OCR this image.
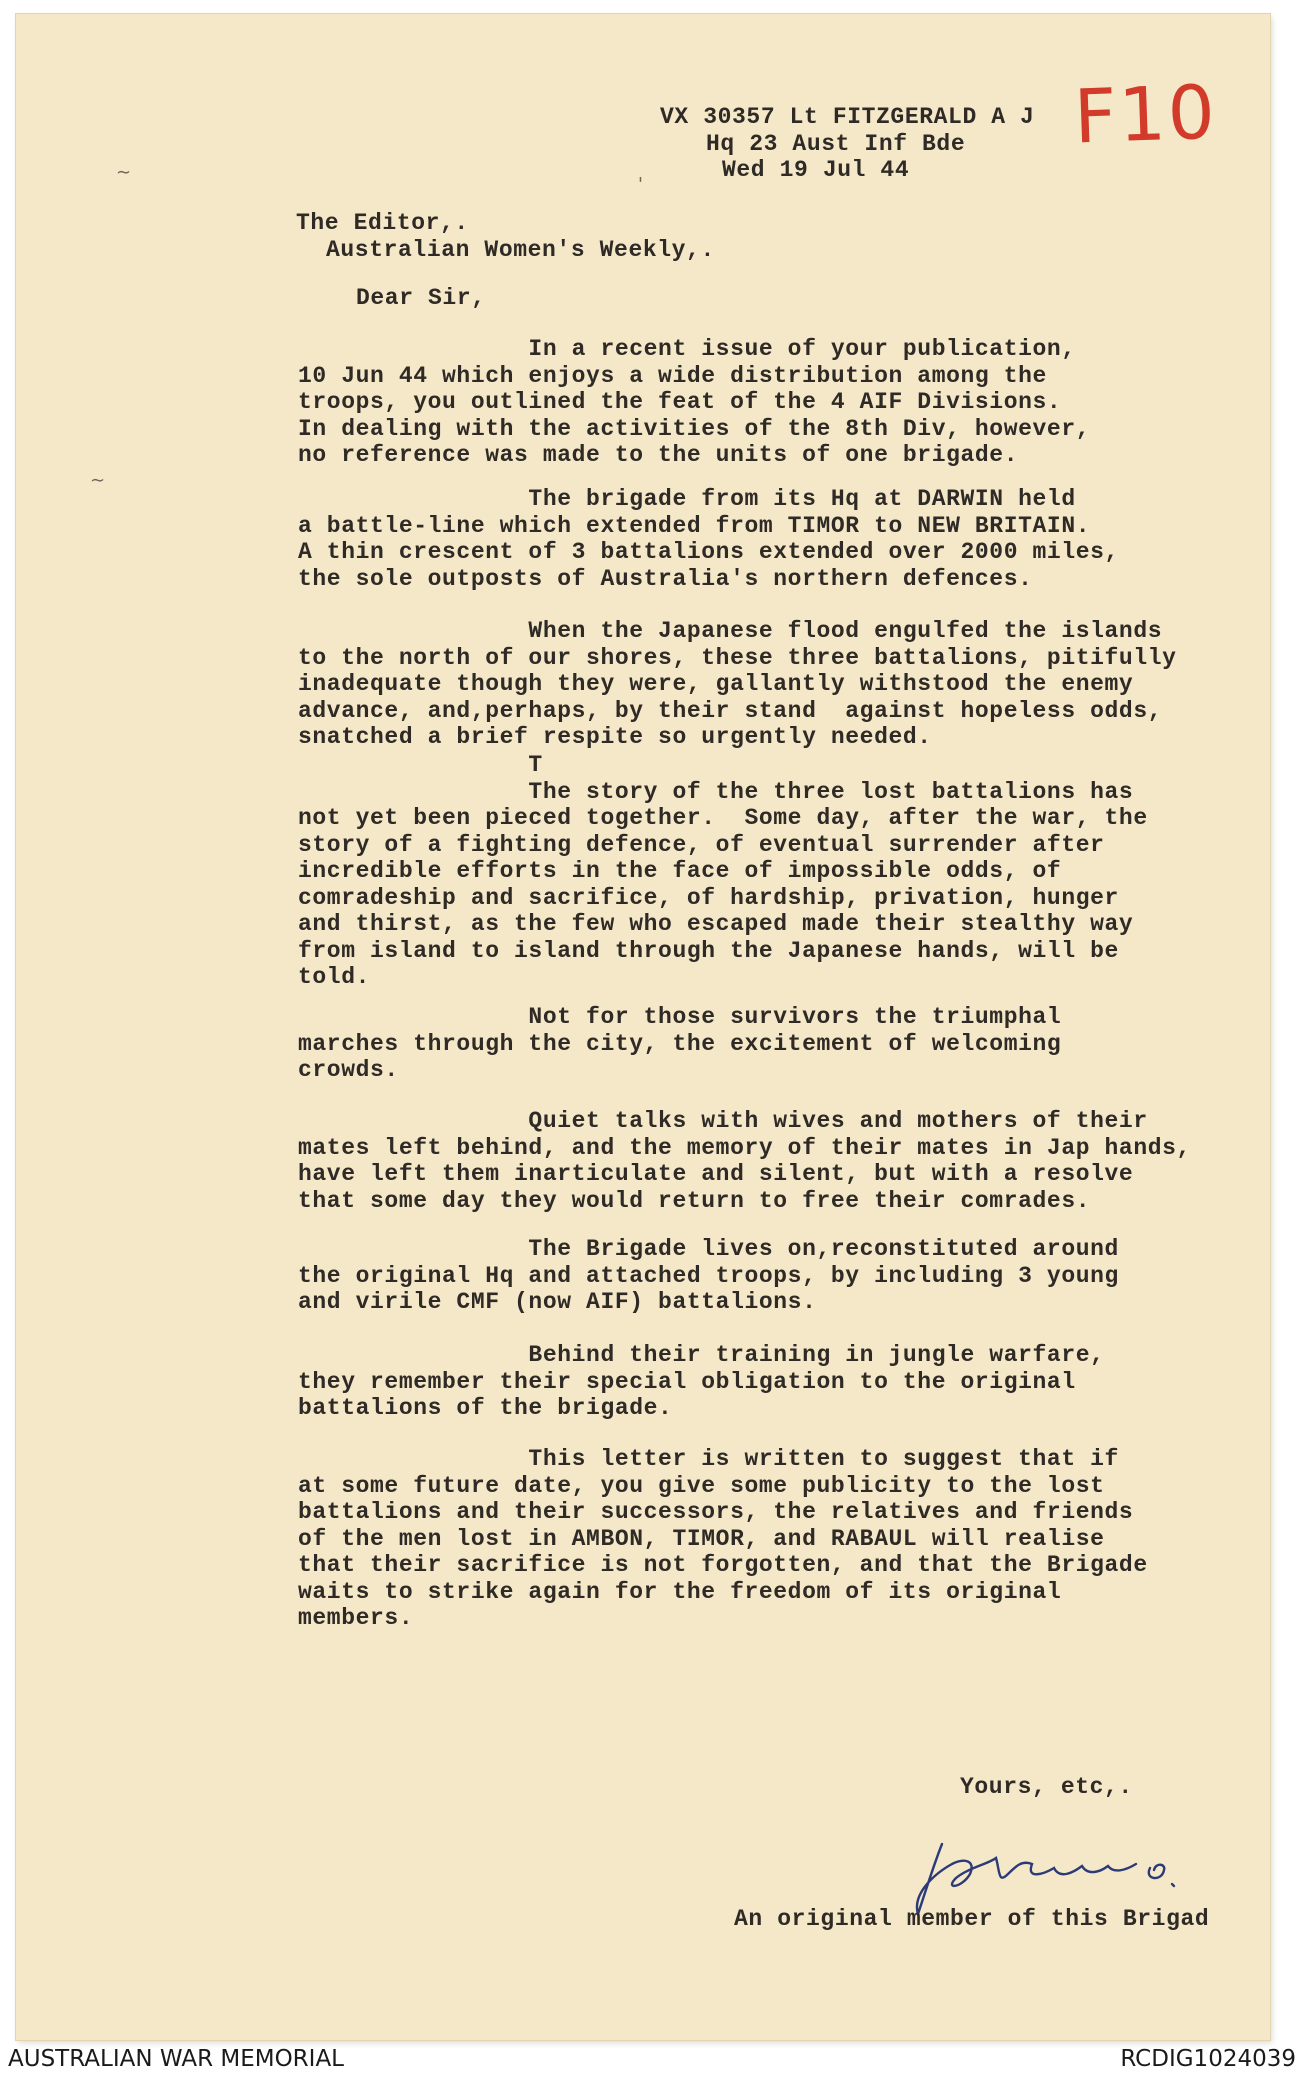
VX 30357 Lt FITZGERALD A J

Hq 23 Aust Inf Bde

Wed 19 Jul 44

F10

The Editor,.

Australian Women's Weekly,.

Dear Sir,

In a recent issue of your publication,
10 Jun 44 which enjoys a wide distribution among the
troops, you outlined the feat of the 4 AIF Divisions.
In dealing with the activities of the 8th Div, however,
no reference was made to the units of one brigade.

The brigade from its Hq at DARWIN held
a battle-line which extended from TIMOR to NEW BRITAIN.
A thin crescent of 3 battalions extended over 2000 miles,
the sole outposts of Australia's northern defences.

When the Japanese flood engulfed the islands
to the north of our shores, these three battalions, pitifully
inadequate though they were, gallantly withstood the enemy
advance, and,perhaps, by their stand  against hopeless odds,
snatched a brief respite so urgently needed.

T
The story of the three lost battalions has
not yet been pieced together.  Some day, after the war, the
story of a fighting defence, of eventual surrender after
incredible efforts in the face of impossible odds, of
comradeship and sacrifice, of hardship, privation, hunger
and thirst, as the few who escaped made their stealthy way
from island to island through the Japanese hands, will be
told.

Not for those survivors the triumphal
marches through the city, the excitement of welcoming
crowds.

Quiet talks with wives and mothers of their
mates left behind, and the memory of their mates in Jap hands,
have left them inarticulate and silent, but with a resolve
that some day they would return to free their comrades.

The Brigade lives on,reconstituted around
the original Hq and attached troops, by including 3 young
and virile CMF (now AIF) battalions.

Behind their training in jungle warfare,
they remember their special obligation to the original
battalions of the brigade.

This letter is written to suggest that if
at some future date, you give some publicity to the lost
battalions and their successors, the relatives and friends
of the men lost in AMBON, TIMOR, and RABAUL will realise
that their sacrifice is not forgotten, and that the Brigade
waits to strike again for the freedom of its original
members.

Yours, etc,.

An original member of this Brigad

∼
∼
'
AUSTRALIAN WAR MEMORIAL	RCDIG1024039
